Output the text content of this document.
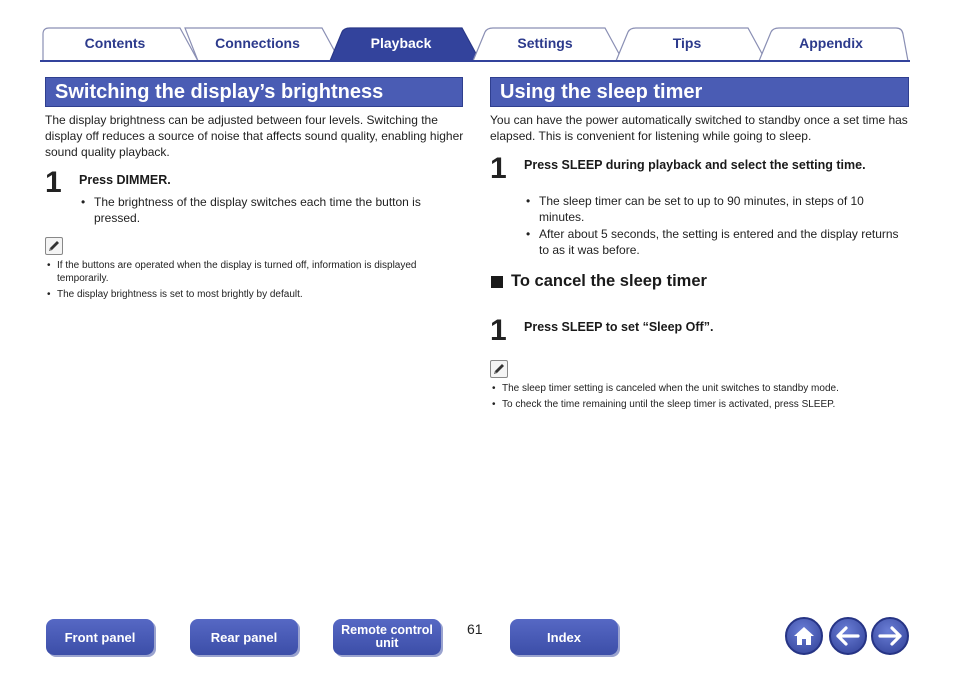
Contents	Connections	Playback	Settings	Tips	Appendix
Switching the display’s brightness
The display brightness can be adjusted between four levels. Switching the display off reduces a source of noise that affects sound quality, enabling higher sound quality playback.
1 Press DIMMER.
• The brightness of the display switches each time the button is pressed.
• If the buttons are operated when the display is turned off, information is displayed temporarily.
• The display brightness is set to most brightly by default.
Using the sleep timer
You can have the power automatically switched to standby once a set time has elapsed. This is convenient for listening while going to sleep.
1 Press SLEEP during playback and select the setting time.
• The sleep timer can be set to up to 90 minutes, in steps of 10 minutes.
• After about 5 seconds, the setting is entered and the display returns to as it was before.
To cancel the sleep timer
1 Press SLEEP to set “Sleep Off”.
• The sleep timer setting is canceled when the unit switches to standby mode.
• To check the time remaining until the sleep timer is activated, press SLEEP.
Front panel	Rear panel	Remote control
unit
61	Index
